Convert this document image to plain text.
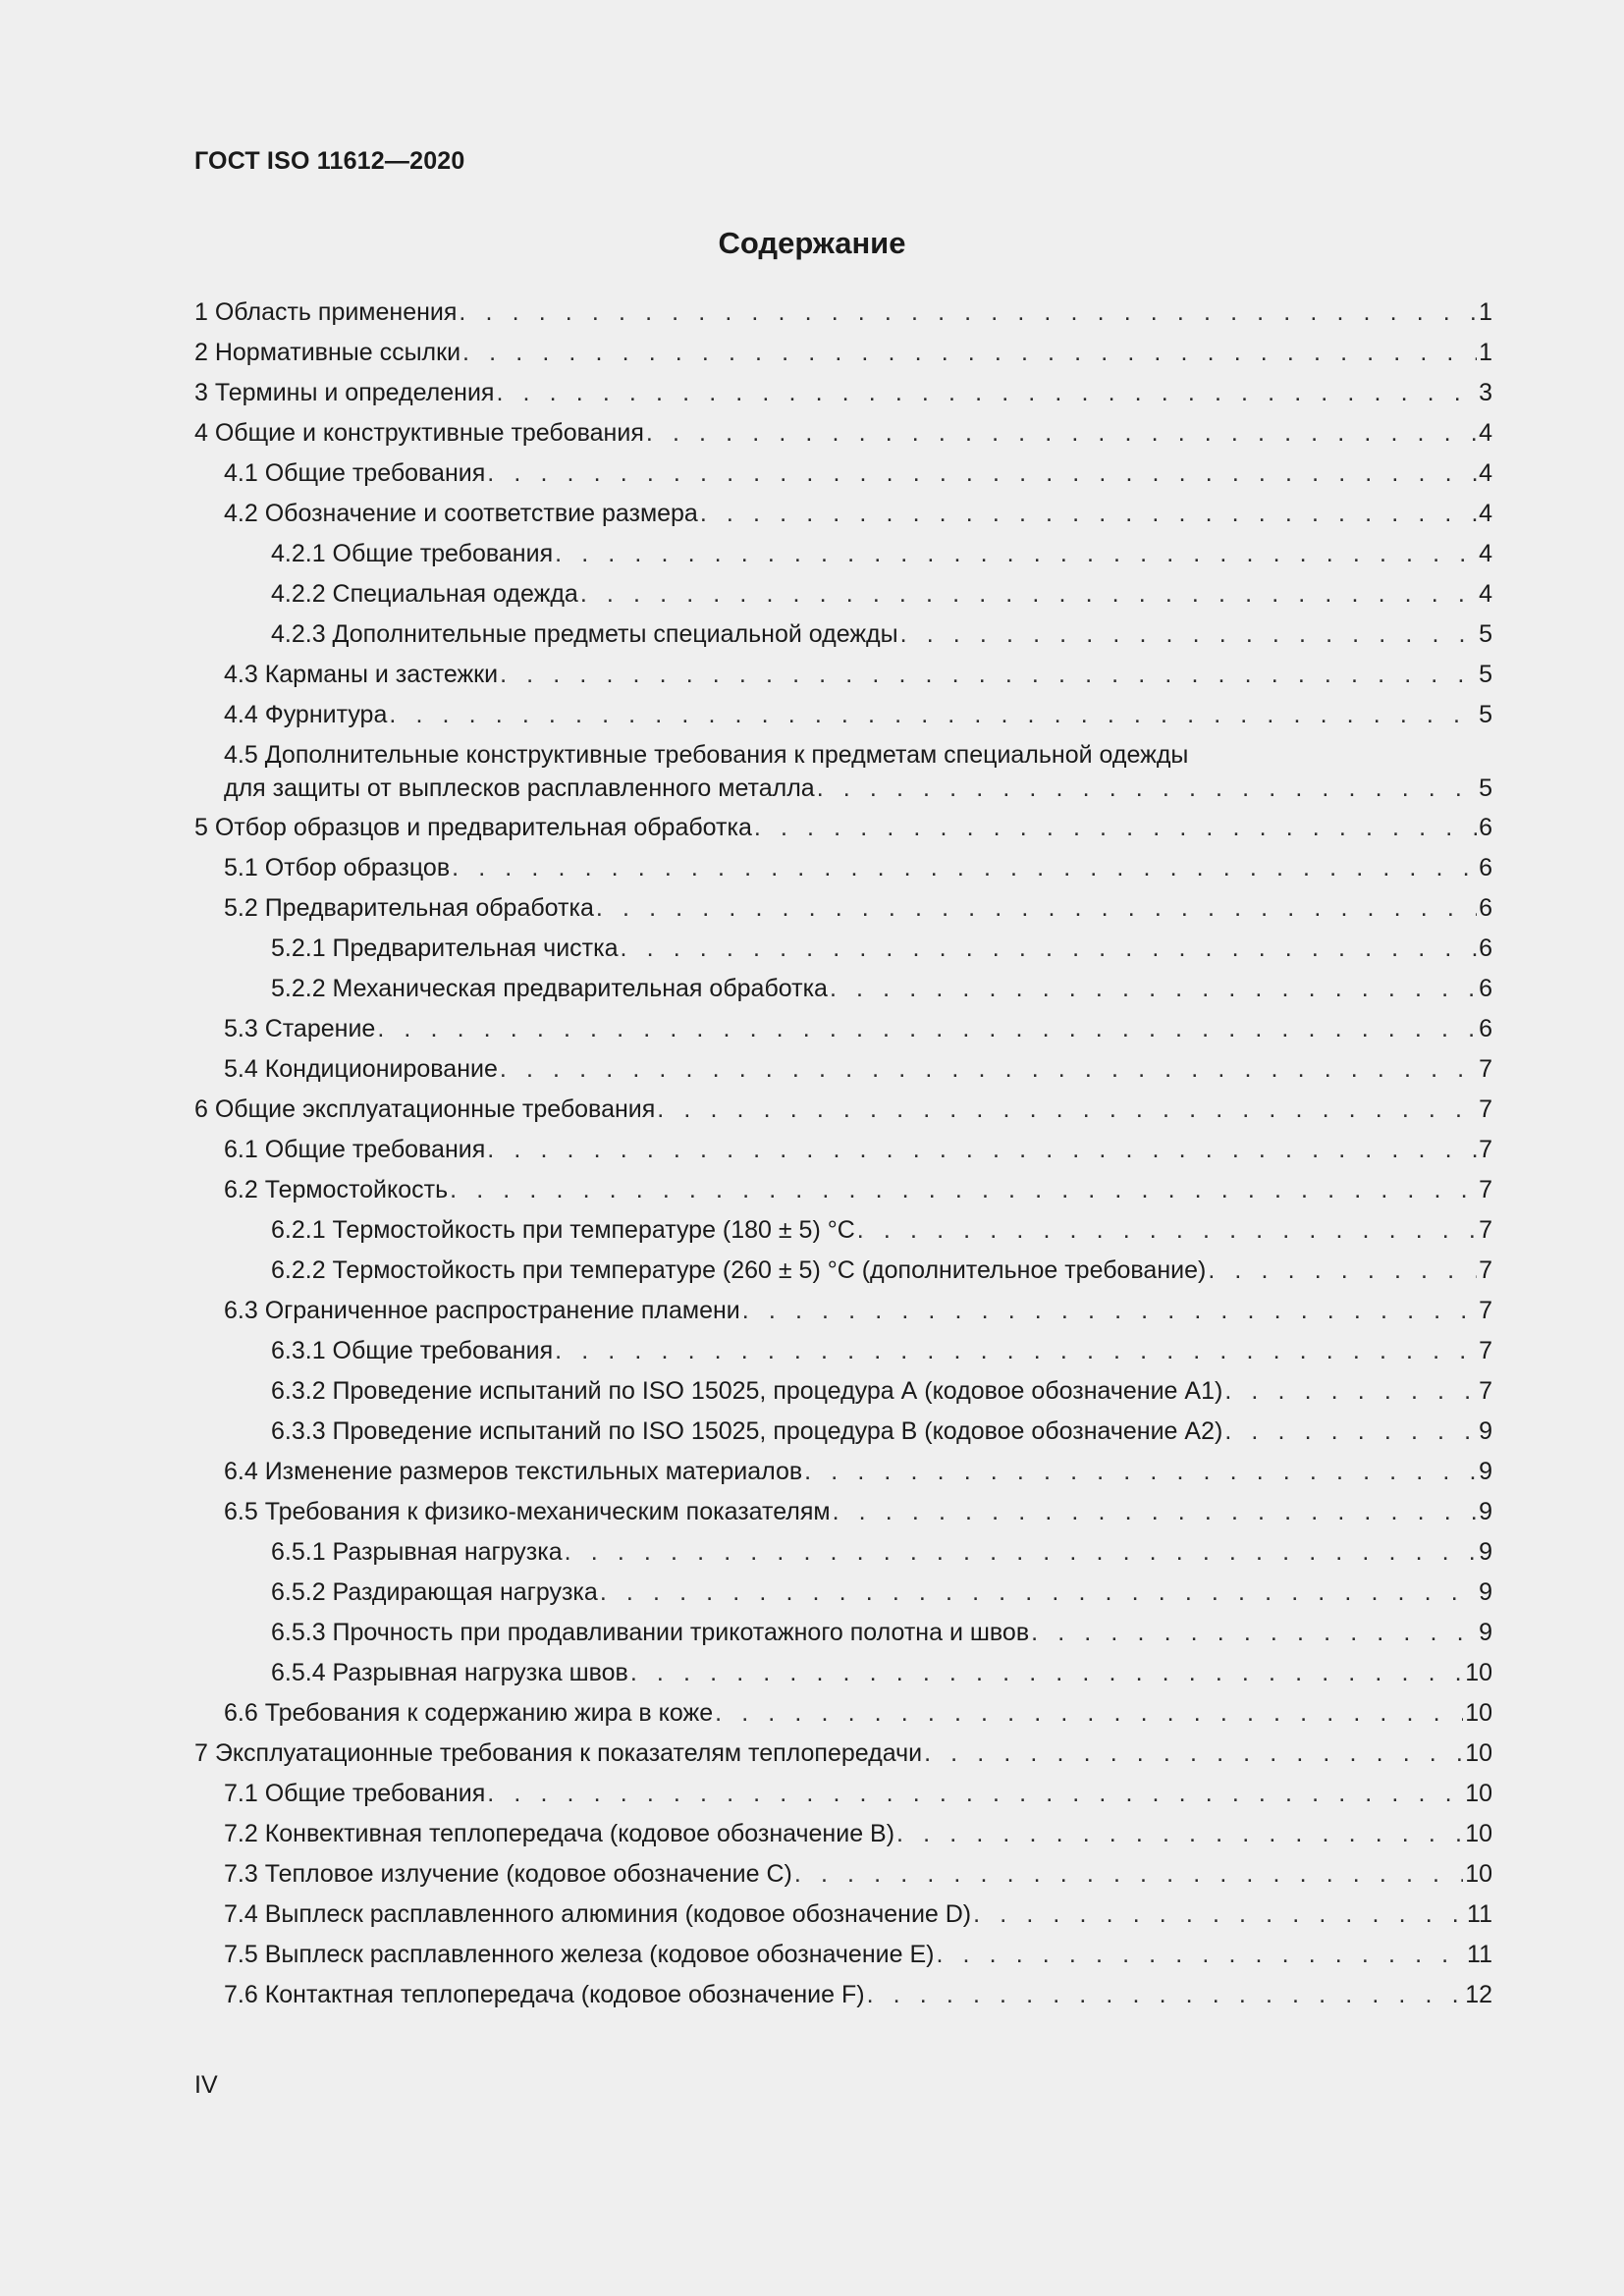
ГОСТ ISO 11612—2020
Содержание
1 Область применения . . .	1
2 Нормативные ссылки . . .	1
3 Термины и определения . . .	3
4 Общие и конструктивные требования . . .	4
4.1 Общие требования . . .	4
4.2 Обозначение и соответствие размера . . .	4
4.2.1 Общие требования . . .	4
4.2.2 Специальная одежда . . .	4
4.2.3 Дополнительные предметы специальной одежды . . .	5
4.3 Карманы и застежки . . .	5
4.4 Фурнитура . . .	5
4.5 Дополнительные конструктивные требования к предметам специальной одежды
для защиты от выплесков расплавленного металла . . .	5
5 Отбор образцов и предварительная обработка . . .	6
5.1 Отбор образцов . . .	6
5.2 Предварительная обработка . . .	6
5.2.1 Предварительная чистка . . .	6
5.2.2 Механическая предварительная обработка . . .	6
5.3 Старение . . .	6
5.4 Кондиционирование . . .	7
6 Общие эксплуатационные требования . . .	7
6.1 Общие требования . . .	7
6.2 Термостойкость . . .	7
6.2.1 Термостойкость при температуре (180 ± 5) °С . . .	7
6.2.2 Термостойкость при температуре (260 ± 5) °С (дополнительное требование) . . .	7
6.3 Ограниченное распространение пламени . . .	7
6.3.1 Общие требования . . .	7
6.3.2 Проведение испытаний по ISO 15025, процедура А (кодовое обозначение А1) . . .	7
6.3.3 Проведение испытаний по ISO 15025, процедура В (кодовое обозначение А2) . . .	9
6.4 Изменение размеров текстильных материалов . . .	9
6.5 Требования к физико-механическим показателям . . .	9
6.5.1 Разрывная нагрузка . . .	9
6.5.2 Раздирающая нагрузка . . .	9
6.5.3 Прочность при продавливании трикотажного полотна и швов . . .	9
6.5.4 Разрывная нагрузка швов . . .	10
6.6 Требования к содержанию жира в коже . . .	10
7 Эксплуатационные требования к показателям теплопередачи . . .	10
7.1 Общие требования . . .	10
7.2 Конвективная теплопередача (кодовое обозначение В) . . .	10
7.3 Тепловое излучение (кодовое обозначение С) . . .	10
7.4 Выплеск расплавленного алюминия (кодовое обозначение D) . . .	11
7.5 Выплеск расплавленного железа (кодовое обозначение Е) . . .	11
7.6 Контактная теплопередача (кодовое обозначение F) . . .	12
IV
